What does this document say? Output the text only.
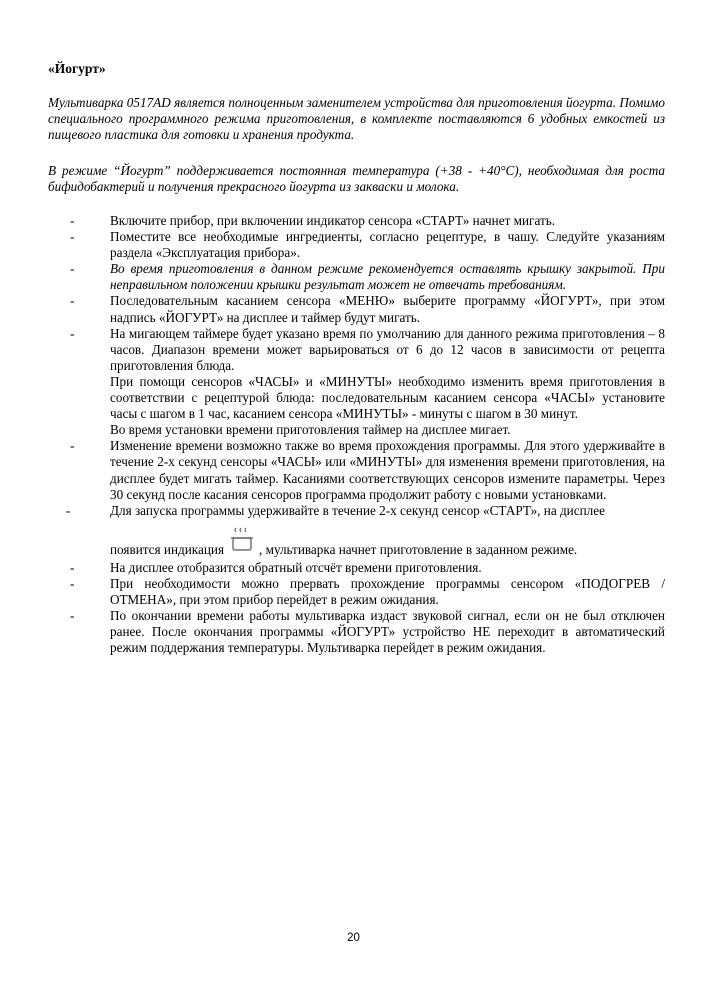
«Йогурт»
Мультиварка 0517AD является полноценным заменителем устройства для приготовления йогурта. Помимо специального программного режима приготовления, в комплекте поставляются 6 удобных емкостей из пищевого пластика для готовки и хранения продукта.
В режиме “Йогурт” поддерживается постоянная температура (+38 - +40°C), необходимая для роста бифидобактерий и получения прекрасного йогурта из закваски и молока.
-	Включите прибор, при включении индикатор сенсора «СТАРТ» начнет мигать.

-	Поместите все необходимые ингредиенты, согласно рецептуре, в чашу. Следуйте указаниям раздела «Эксплуатация прибора».

-	Во время приготовления в данном режиме рекомендуется оставлять крышку закрытой. При неправильном положении крышки результат может не отвечать требованиям.

-	Последовательным касанием сенсора «МЕНЮ» выберите программу «ЙОГУРТ», при этом надпись «ЙОГУРТ» на дисплее и таймер будут мигать.

-	На мигающем таймере будет указано время по умолчанию для данного режима приготовления – 8 часов. Диапазон времени может варьироваться от 6 до 12 часов в зависимости от рецепта приготовления блюда.

При помощи сенсоров «ЧАСЫ» и «МИНУТЫ» необходимо изменить время приготовления в соответствии с рецептурой блюда: последовательным касанием сенсора «ЧАСЫ» установите часы с шагом в 1 час, касанием сенсора «МИНУТЫ» - минуты с шагом в 30 минут.

Во время установки времени приготовления таймер на дисплее мигает.

-	Изменение времени возможно также во время прохождения программы. Для этого удерживайте в течение 2-х секунд сенсоры «ЧАСЫ» или «МИНУТЫ» для изменения времени приготовления, на дисплее будет мигать таймер. Касаниями соответствующих сенсоров измените параметры. Через 30 секунд после касания сенсоров программа продолжит работу с новыми установками.

-	Для запуска программы удерживайте в течение 2-х секунд сенсор «СТАРТ», на дисплее

появится индикация	, мультиварка начнет приготовление в заданном режиме.

-	На дисплее отобразится обратный отсчёт времени приготовления.

-	При необходимости можно прервать прохождение программы сенсором «ПОДОГРЕВ / ОТМЕНА», при этом прибор перейдет в режим ожидания.

-	По окончании времени работы мультиварка издаст звуковой сигнал, если он не был отключен ранее. После окончания программы «ЙОГУРТ» устройство НЕ переходит в автоматический режим поддержания температуры. Мультиварка перейдет в режим ожидания.

20
